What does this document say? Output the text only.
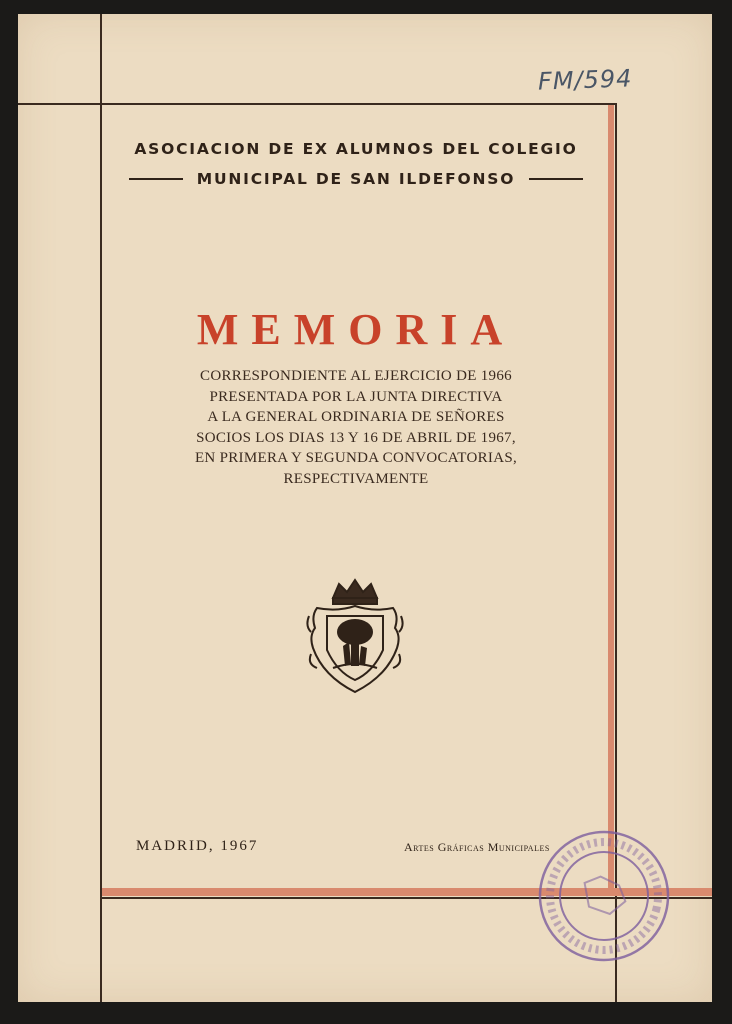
FM/594

ASOCIACION DE EX ALUMNOS DEL COLEGIO

MUNICIPAL DE SAN ILDEFONSO
MEMORIA
CORRESPONDIENTE AL EJERCICIO DE 1966
PRESENTADA POR LA JUNTA DIRECTIVA
A LA GENERAL ORDINARIA DE SEÑORES
SOCIOS LOS DIAS 13 Y 16 DE ABRIL DE 1967,
EN PRIMERA Y SEGUNDA CONVOCATORIAS,
RESPECTIVAMENTE
MADRID, 1967	Artes Gráficas Municipales
